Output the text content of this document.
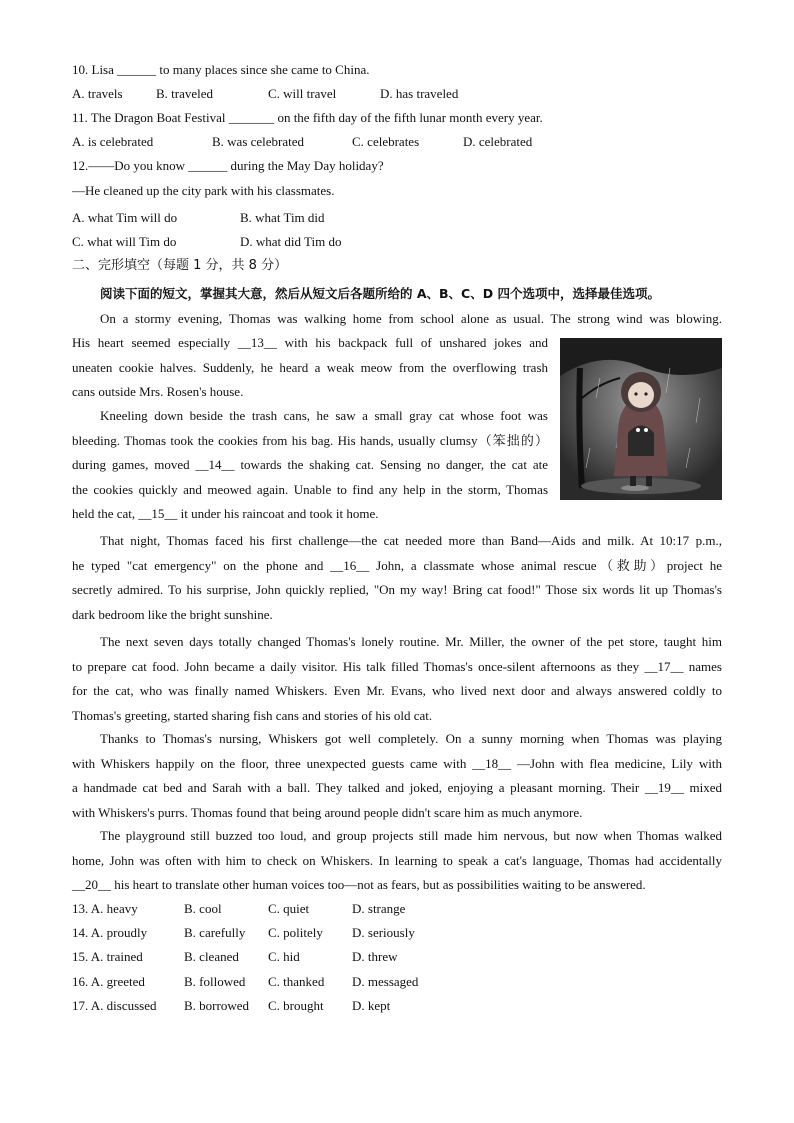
10. Lisa ______ to many places since she came to China.
A. travels	B. traveled	C. will travel	D. has traveled
11. The Dragon Boat Festival _______ on the fifth day of the fifth lunar month every year.
A. is celebrated	B. was celebrated	C. celebrates	D. celebrated
12.——Do you know ______ during the May Day holiday?
—He cleaned up the city park with his classmates.
A. what Tim will do	B. what Tim did
C. what will Tim do	D. what did Tim do
二、完形填空（每题 1 分，共 8 分）
阅读下面的短文，掌握其大意，然后从短文后各题所给的 A、B、C、D 四个选项中，选择最佳选项。
On a stormy evening, Thomas was walking home from school alone as usual. The strong wind was blowing.
His heart seemed especially __13__ with his backpack full of unshared jokes and
uneaten cookie halves. Suddenly, he heard a weak meow from the overflowing trash
cans outside Mrs. Rosen's house.
Kneeling down beside the trash cans, he saw a small gray cat whose foot was
bleeding. Thomas took the cookies from his bag. His hands, usually clumsy（笨拙的）
during games, moved __14__ towards the shaking cat. Sensing no danger, the cat ate
the cookies quickly and meowed again. Unable to find any help in the storm, Thomas
held the cat, __15__ it under his raincoat and took it home.
That night, Thomas faced his first challenge—the cat needed more than Band—Aids and milk. At 10:17 p.m.,
he typed "cat emergency" on the phone and __16__ John, a classmate whose animal rescue（救助）project he
secretly admired. To his surprise, John quickly replied, "On my way! Bring cat food!" Those six words lit up Thomas's
dark bedroom like the bright sunshine.
The next seven days totally changed Thomas's lonely routine. Mr. Miller, the owner of the pet store, taught him
to prepare cat food. John became a daily visitor. His talk filled Thomas's once-silent afternoons as they __17__ names
for the cat, who was finally named Whiskers. Even Mr. Evans, who lived next door and always answered coldly to
Thomas's greeting, started sharing fish cans and stories of his old cat.
Thanks to Thomas's nursing, Whiskers got well completely. On a sunny morning when Thomas was playing
with Whiskers happily on the floor, three unexpected guests came with __18__ —John with flea medicine, Lily with
a handmade cat bed and Sarah with a ball. They talked and joked, enjoying a pleasant morning. Their __19__ mixed
with Whiskers's purrs. Thomas found that being around people didn't scare him as much anymore.
The playground still buzzed too loud, and group projects still made him nervous, but now when Thomas walked
home, John was often with him to check on Whiskers. In learning to speak a cat's language, Thomas had accidentally
__20__ his heart to translate other human voices too—not as fears, but as possibilities waiting to be answered.
13. A. heavy	B. cool	C. quiet	D. strange
14. A. proudly	B. carefully C. politely D. seriously
15. A. trained	B. cleaned C. hid	D. threw
16. A. greeted	B. followed C. thanked D. messaged
17. A. discussed B. borrowed C. brought D. kept
